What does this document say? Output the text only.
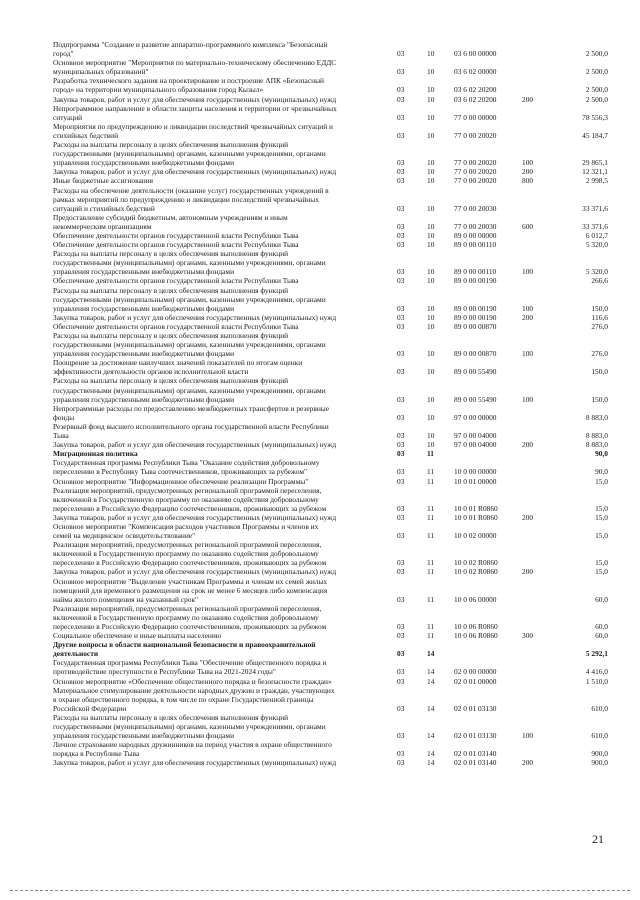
Подпрограмма "Создание и развитие аппаратно-программного комплекса "Безопасный
город"	03	10	03 6 00 00000	2 500,0
Основное мероприятие "Мероприятия по материально-техническому обеспечению ЕДДС
муниципальных образований"	03	10	03 6 02 00000	2 500,0
Разработка технического задания на проектирование и построение АПК «Безопасный
город» на территории муниципального образования город Кызыл»	03	10	03 6 02 20200	2 500,0
Закупка товаров, работ и услуг для обеспечения государственных (муниципальных) нужд	03	10	03 6 02 20200	200	2 500,0
Непрограммное направление в области защиты населения и территории от чрезвычайных
ситуаций	03	10	77 0 00 00000	78 556,3
Мероприятия по предупреждению и ликвидации последствий чрезвычайных ситуаций и
стихийных бедствий	03	10	77 0 00 20020	45 184,7
Расходы на выплаты персоналу в целях обеспечения выполнения функций
государственными (муниципальными) органами, казенными учреждениями, органами
управления государственными внебюджетными фондами	03	10	77 0 00 20020	100	29 865,1
Закупка товаров, работ и услуг для обеспечения государственных (муниципальных) нужд	03	10	77 0 00 20020	200	12 321,1
Иные бюджетные ассигнования	03	10	77 0 00 20020	800	2 998,5
Расходы на обеспечение деятельности (оказание услуг) государственных учреждений в
рамках мероприятий по предупреждению и ликвидации последствий чрезвычайных
ситуаций и стихийных бедствий	03	10	77 0 00 20030	33 371,6
Предоставление субсидий бюджетным, автономным учреждениям и иным
некоммерческим организациям	03	10	77 0 00 20030	600	33 371,6
Обеспечение деятельности органов государственной власти Республики Тыва	03	10	89 0 00 00000	6 012,7
Обеспечение деятельности органов государственной власти Республики Тыва	03	10	89 0 00 00110	5 320,0
Расходы на выплаты персоналу в целях обеспечения выполнения функций
государственными (муниципальными) органами, казенными учреждениями, органами
управления государственными внебюджетными фондами	03	10	89 0 00 00110	100	5 320,0
Обеспечение деятельности органов государственной власти Республики Тыва	03	10	89 0 00 00190	266,6
Расходы на выплаты персоналу в целях обеспечения выполнения функций
государственными (муниципальными) органами, казенными учреждениями, органами
управления государственными внебюджетными фондами	03	10	89 0 00 00190	100	150,0
Закупка товаров, работ и услуг для обеспечения государственных (муниципальных) нужд	03	10	89 0 00 00190	200	116,6
Обеспечение деятельности органов государственной власти Республики Тыва	03	10	89 0 00 00870	276,0
Расходы на выплаты персоналу в целях обеспечения выполнения функций
государственными (муниципальными) органами, казенными учреждениями, органами
управления государственными внебюджетными фондами	03	10	89 0 00 00870	100	276,0
Поощрение за достижение наилучших значений показателей по итогам оценки
эффективности деятельности органов исполнительной власти	03	10	89 0 00 55490	150,0
Расходы на выплаты персоналу в целях обеспечения выполнения функций
государственными (муниципальными) органами, казенными учреждениями, органами
управления государственными внебюджетными фондами	03	10	89 0 00 55490	100	150,0
Непрограммные расходы по предоставлению межбюджетных трансфертов и резервные
фонды	03	10	97 0 00 00000	8 883,0
Резервный фонд высшего исполнительного органа государственной власти Республики
Тыва	03	10	97 0 00 04000	8 883,0
Закупка товаров, работ и услуг для обеспечения государственных (муниципальных) нужд	03	10	97 0 00 04000	200	8 883,0
Миграционная политика	03	11	90,0
Государственная программа Республики Тыва "Оказание содействия добровольному
переселению в Республику Тыва соотечественников, проживающих за рубежом"	03	11	10 0 00 00000	90,0
Основное мероприятие "Информационное обеспечение реализации Программы"	03	11	10 0 01 00000	15,0
Реализация мероприятий, предусмотренных региональной программой переселения,
включенной в Государственную программу по оказанию содействия добровольному
переселению в Российскую Федерацию соотечественников, проживающих за рубежом	03	11	10 0 01 R0860	15,0
Закупка товаров, работ и услуг для обеспечения государственных (муниципальных) нужд	03	11	10 0 01 R0860	200	15,0
Основное мероприятие "Компенсация расходов участников Программы и членов их
семей на медицинское освидетельствование"	03	11	10 0 02 00000	15,0
Реализация мероприятий, предусмотренных региональной программой переселения,
включенной в Государственную программу по оказанию содействия добровольному
переселению в Российскую Федерацию соотечественников, проживающих за рубежом	03	11	10 0 02 R0860	15,0
Закупка товаров, работ и услуг для обеспечения государственных (муниципальных) нужд	03	11	10 0 02 R0860	200	15,0
Основное мероприятие "Выделение участникам Программы и членам их семей жилых
помещений для временного размещения на срок не менее 6 месяцев либо компенсация
найма жилого помещения на указанный срок"	03	11	10 0 06 00000	60,0
Реализация мероприятий, предусмотренных региональной программой переселения,
включенной в Государственную программу по оказанию содействия добровольному
переселению в Российскую Федерацию соотечественников, проживающих за рубежом	03	11	10 0 06 R0860	60,0
Социальное обеспечение и иные выплаты населению	03	11	10 0 06 R0860	300	60,0
Другие вопросы в области национальной безопасности и правоохранительной
деятельности	03	14	5 292,1
Государственная программа Республики Тыва "Обеспечение общественного порядка и
противодействие преступности в Республике Тыва на 2021-2024 годы"	03	14	02 0 00 00000	4 416,0
Основное мероприятие «Обеспечение общественного порядка и безопасности граждан»	03	14	02 0 01 00000	1 510,0
Материальное стимулирование деятельности народных дружин и граждан, участвующих
в охране общественного порядка, в том числе по охране Государственной границы
Российской Федерации	03	14	02 0 01 03130	610,0
Расходы на выплаты персоналу в целях обеспечения выполнения функций
государственными (муниципальными) органами, казенными учреждениями, органами
управления государственными внебюджетными фондами	03	14	02 0 01 03130	100	610,0
Личное страхование народных дружинников на период участия в охране общественного
порядка в Республике Тыва	03	14	02 0 01 03140	900,0
Закупка товаров, работ и услуг для обеспечения государственных (муниципальных) нужд	03	14	02 0 01 03140	200	900,0
21
